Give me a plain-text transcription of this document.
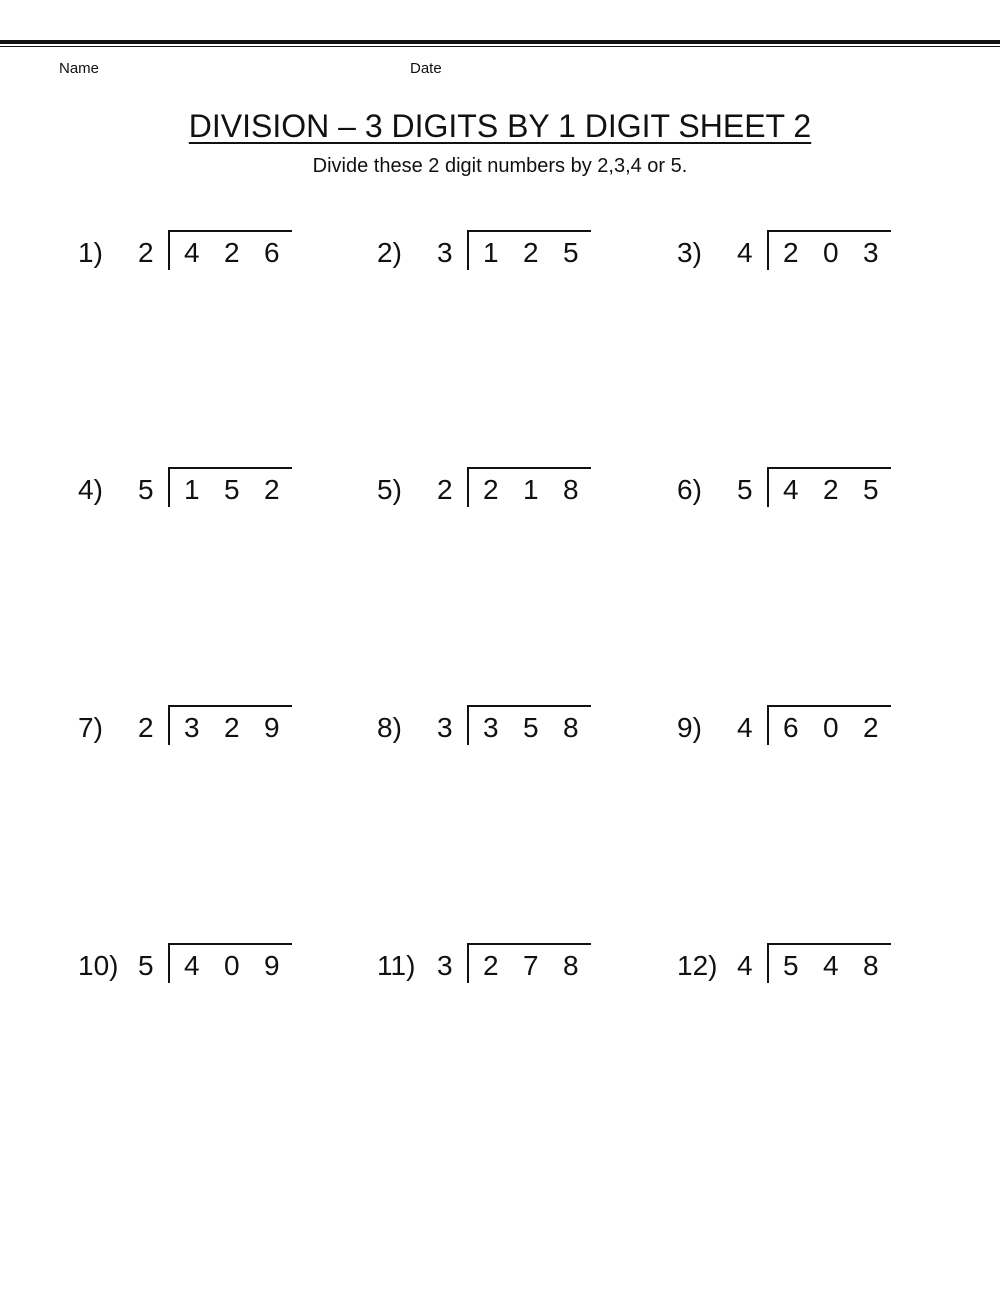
Name	Date
DIVISION – 3 DIGITS BY 1 DIGIT SHEET 2
Divide these 2 digit numbers by 2,3,4 or 5.
1) 2 4 2 6	2) 3 1 2 5	3) 4 2 0 3
4) 5 1 5 2	5) 2 2 1 8	6) 5 4 2 5
7) 2 3 2 9	8) 3 3 5 8	9) 4 6 0 2
10) 5 4 0 9	11) 3 2 7 8	12) 4 5 4 8
